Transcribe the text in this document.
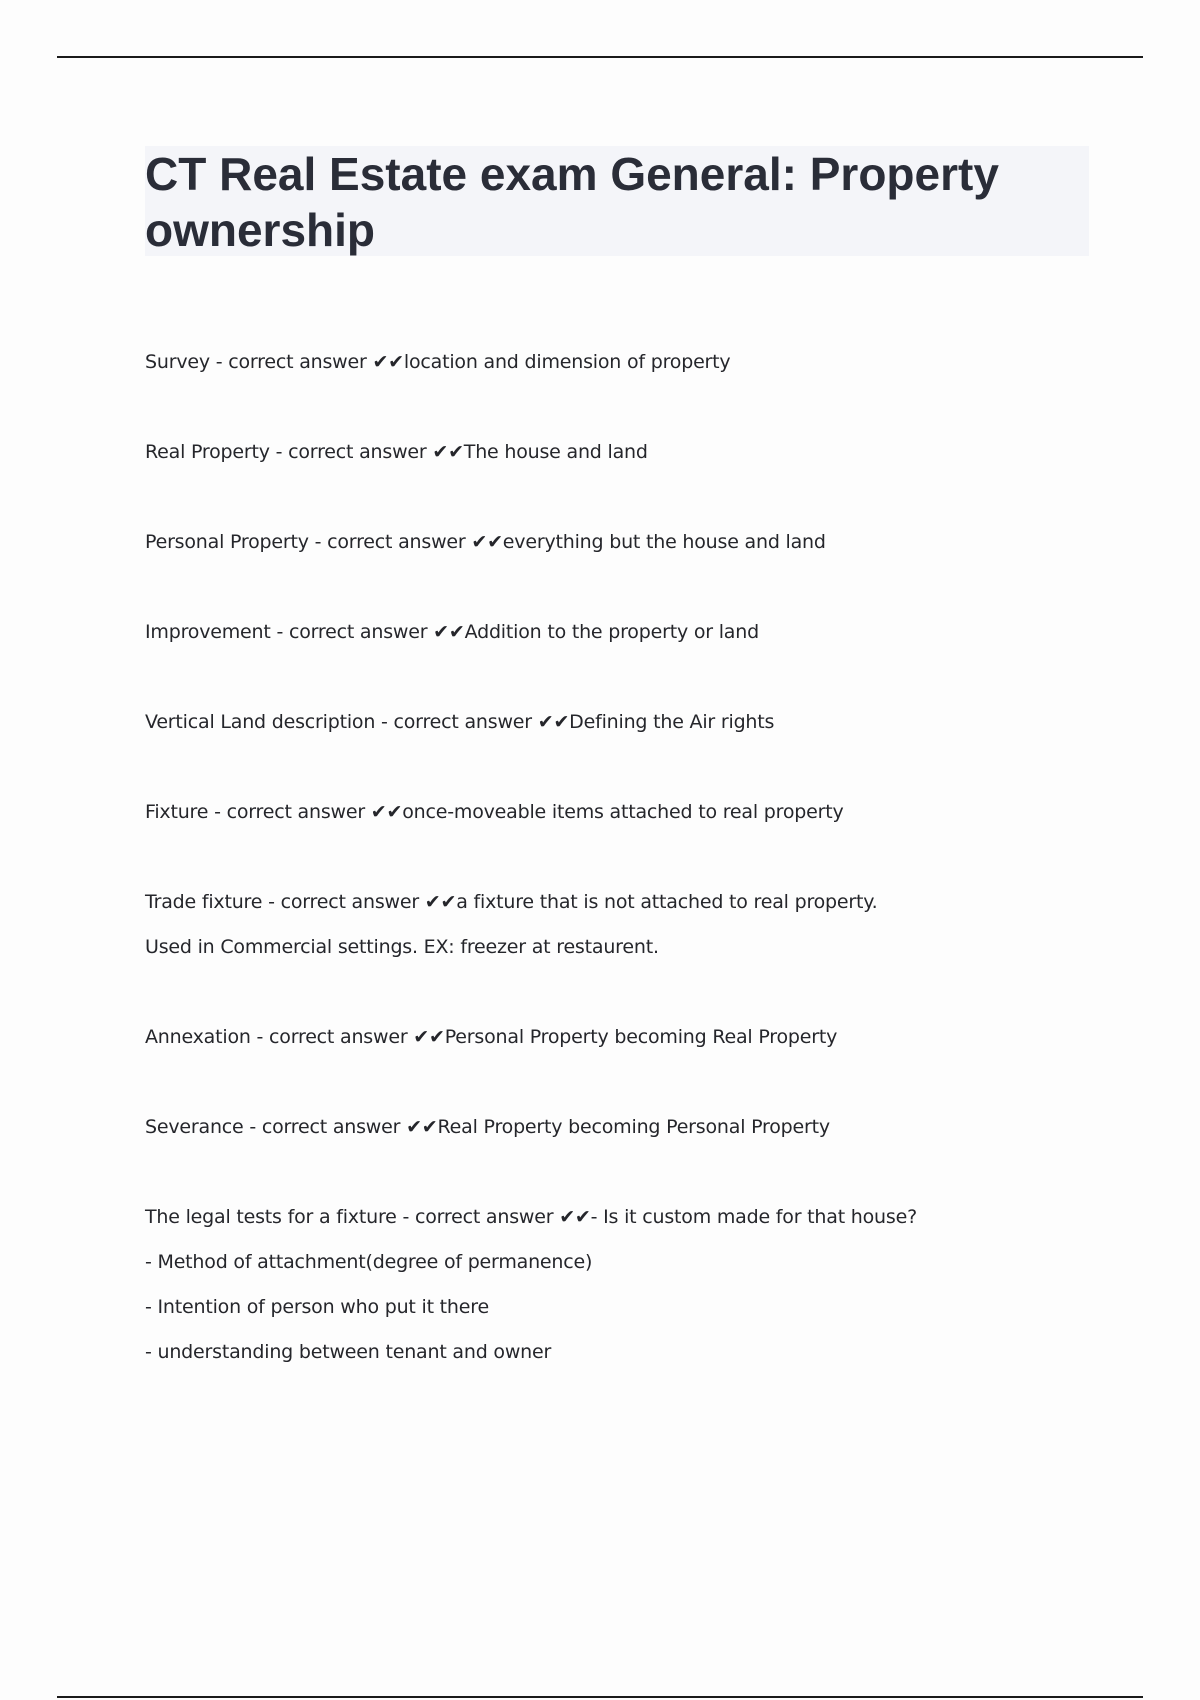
CT Real Estate exam General: Property ownership
Survey - correct answer ✔✔location and dimension of property
Real Property - correct answer ✔✔The house and land
Personal Property - correct answer ✔✔everything but the house and land
Improvement - correct answer ✔✔Addition to the property or land
Vertical Land description - correct answer ✔✔Defining the Air rights
Fixture - correct answer ✔✔once-moveable items attached to real property
Trade fixture - correct answer ✔✔a fixture that is not attached to real property.
Used in Commercial settings. EX: freezer at restaurent.
Annexation - correct answer ✔✔Personal Property becoming Real Property
Severance - correct answer ✔✔Real Property becoming Personal Property
The legal tests for a fixture - correct answer ✔✔- Is it custom made for that house?
- Method of attachment(degree of permanence)
- Intention of person who put it there
- understanding between tenant and owner
